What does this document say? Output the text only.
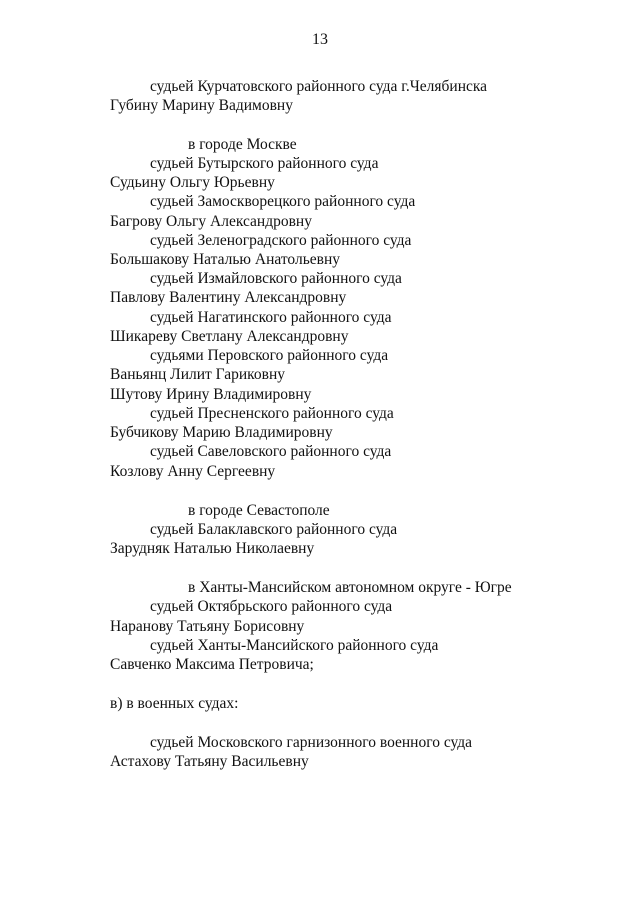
13
судьей Курчатовского районного суда г.Челябинска
Губину Марину Вадимовну
в городе Москве
судьей Бутырского районного суда
Судьину Ольгу Юрьевну
судьей Замоскворецкого районного суда
Багрову Ольгу Александровну
судьей Зеленоградского районного суда
Большакову Наталью Анатольевну
судьей Измайловского районного суда
Павлову Валентину Александровну
судьей Нагатинского районного суда
Шикареву Светлану Александровну
судьями Перовского районного суда
Ваньянц Лилит Гариковну
Шутову Ирину Владимировну
судьей Пресненского районного суда
Бубчикову Марию Владимировну
судьей Савеловского районного суда
Козлову Анну Сергеевну
в городе Севастополе
судьей Балаклавского районного суда
Зарудняк Наталью Николаевну
в Ханты-Мансийском автономном округе - Югре
судьей Октябрьского районного суда
Наранову Татьяну Борисовну
судьей Ханты-Мансийского районного суда
Савченко Максима Петровича;
в) в военных судах:
судьей Московского гарнизонного военного суда
Астахову Татьяну Васильевну
